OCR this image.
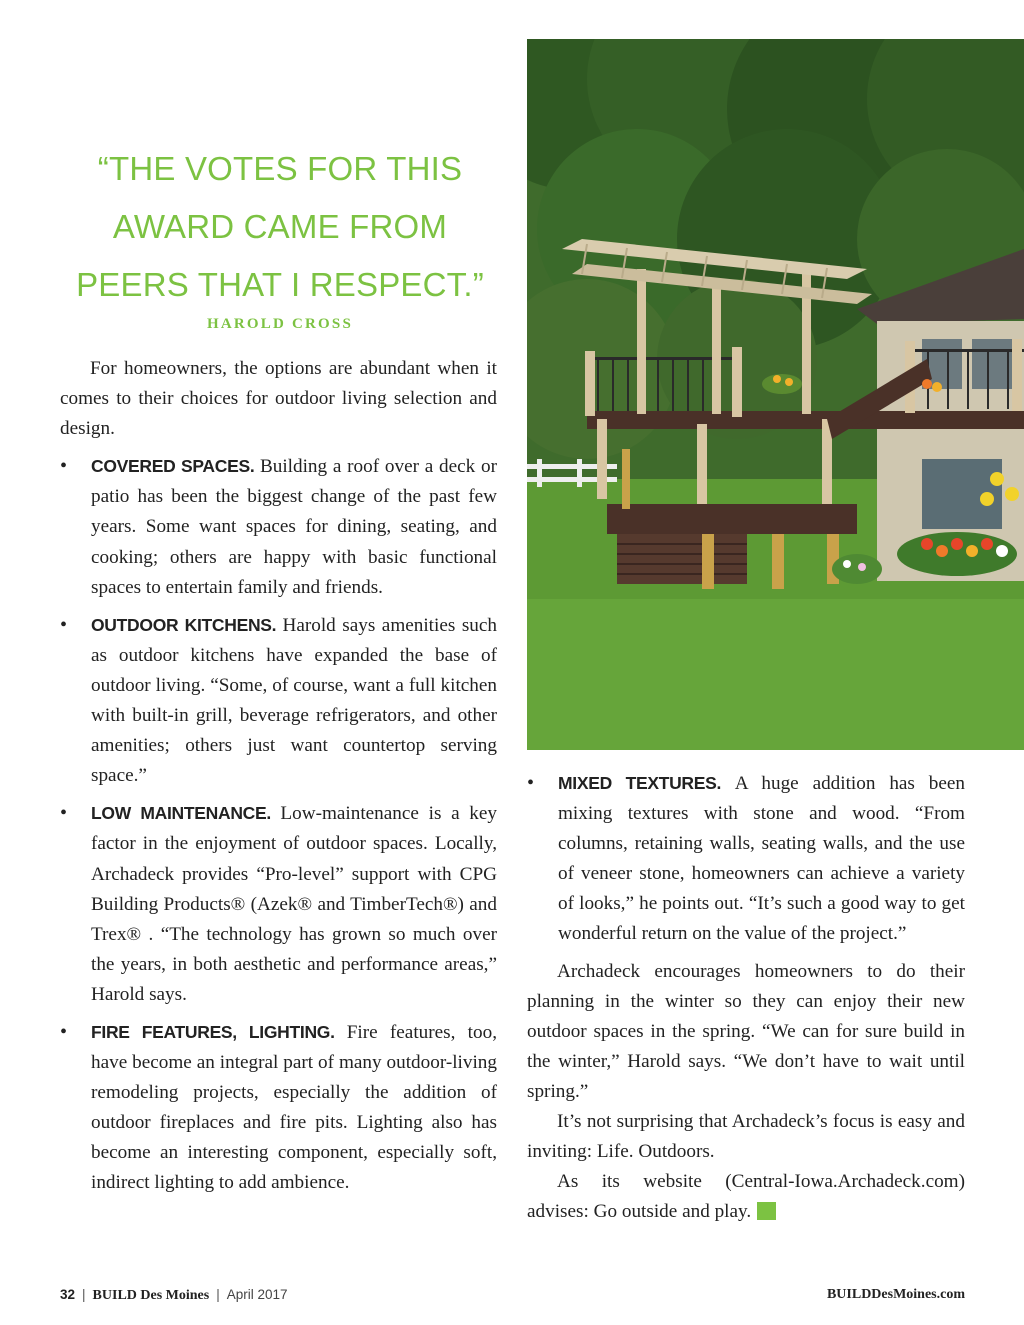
“THE VOTES FOR THIS
AWARD CAME FROM
PEERS THAT I RESPECT.”
HAROLD CROSS

For homeowners, the options are abundant when it comes to their choices for outdoor living selection and design.

• COVERED SPACES. Building a roof over a deck or patio has been the biggest change of the past few years. Some want spaces for dining, seating, and cooking; others are happy with basic functional spaces to entertain family and friends.
• OUTDOOR KITCHENS. Harold says amenities such as outdoor kitchens have expanded the base of outdoor living. “Some, of course, want a full kitchen with built-in grill, beverage refrigerators, and other amenities; others just want countertop serving space.”
• LOW MAINTENANCE. Low-maintenance is a key factor in the enjoyment of outdoor spaces. Locally, Archadeck provides “Pro-level” support with CPG Building Products® (Azek® and TimberTech®) and Trex® . “The technology has grown so much over the years, in both aesthetic and performance areas,” Harold says.
• FIRE FEATURES, LIGHTING. Fire features, too, have become an integral part of many outdoor-living remodeling projects, especially the addition of outdoor fireplaces and fire pits. Lighting also has become an interesting component, especially soft, indirect lighting to add ambience.
• MIXED TEXTURES. A huge addition has been mixing textures with stone and wood. “From columns, retaining walls, seating walls, and the use of veneer stone, homeowners can achieve a variety of looks,” he points out. “It’s such a good way to get wonderful return on the value of the project.”

Archadeck encourages homeowners to do their planning in the winter so they can enjoy their new outdoor spaces in the spring. “We can for sure build in the winter,” Harold says. “We don’t have to wait until spring.”

It’s not surprising that Archadeck’s focus is easy and inviting: Life. Outdoors.

As its website (Central-Iowa.Archadeck.com) advises: Go outside and play. B

32 | BUILD Des Moines | April 2017	BUILDDesMoines.com
